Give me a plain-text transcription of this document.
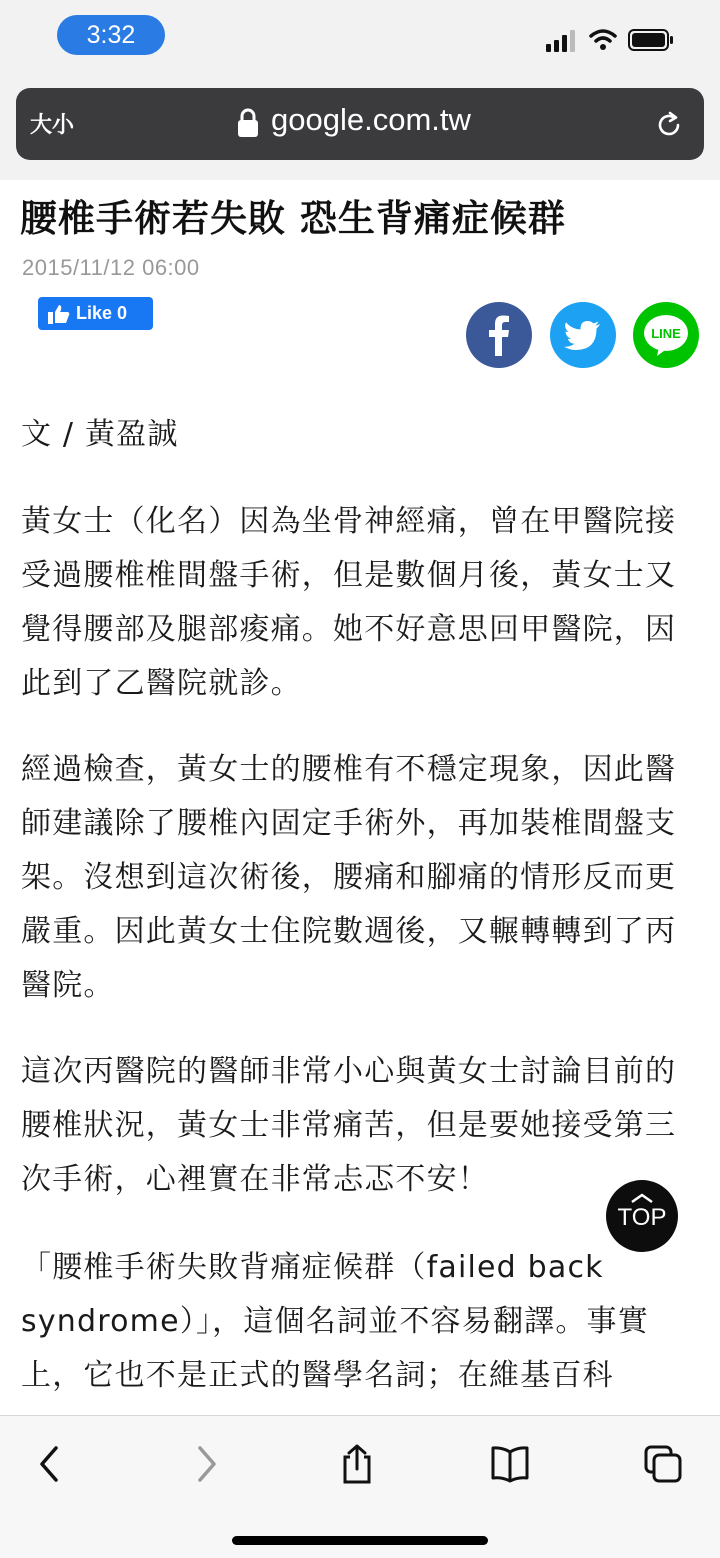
3:32
大小	google.com.tw
腰椎手術若失敗 恐生背痛症候群
2015/11/12 06:00
Like 0
LINE
文 / 黃盈誠
黃女士（化名）因為坐骨神經痛，曾在甲醫院接受過腰椎椎間盤手術，但是數個月後，黃女士又覺得腰部及腿部痠痛。她不好意思回甲醫院，因此到了乙醫院就診。
經過檢查，黃女士的腰椎有不穩定現象，因此醫師建議除了腰椎內固定手術外，再加裝椎間盤支架。沒想到這次術後，腰痛和腳痛的情形反而更嚴重。因此黃女士住院數週後，又輾轉轉到了丙醫院。
這次丙醫院的醫師非常小心與黃女士討論目前的腰椎狀況，黃女士非常痛苦，但是要她接受第三次手術，心裡實在非常忐忑不安！
「腰椎手術失敗背痛症候群（failed back syndrome）」，這個名詞並不容易翻譯。事實上，它也不是正式的醫學名詞；在維基百科
TOP
